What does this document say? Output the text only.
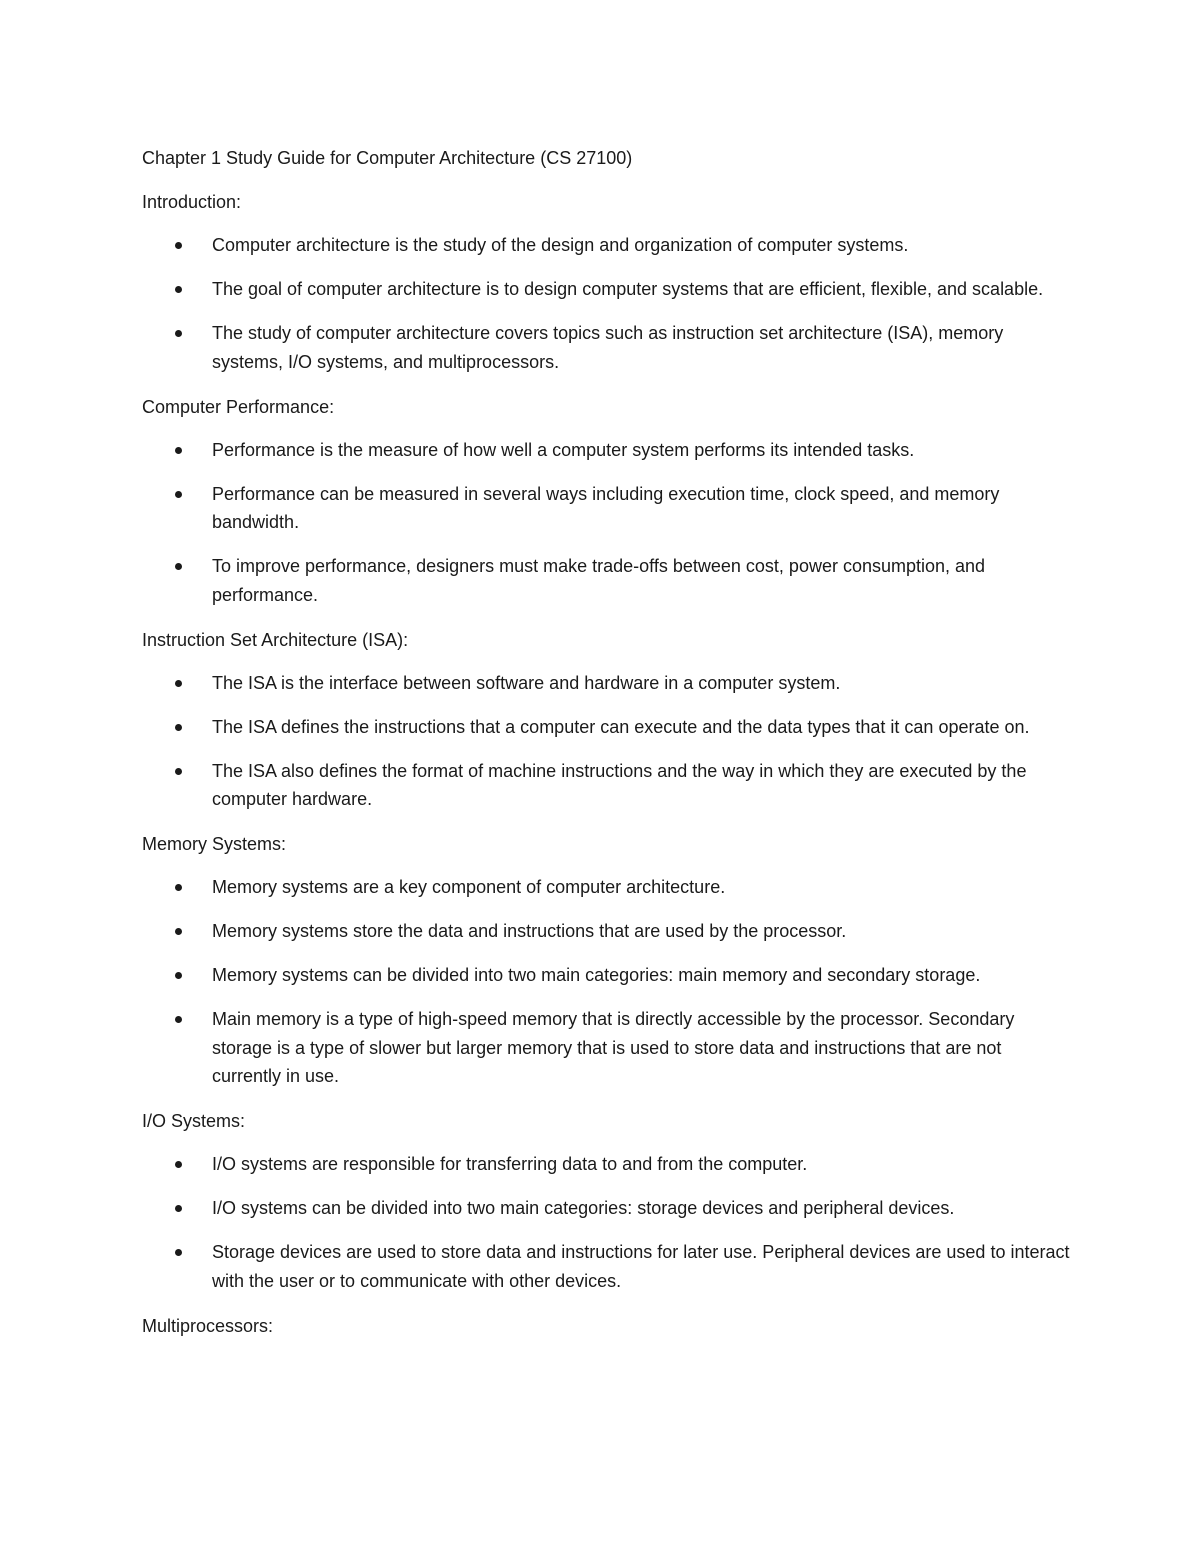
Chapter 1 Study Guide for Computer Architecture (CS 27100)

Introduction:

Computer architecture is the study of the design and organization of computer systems.
The goal of computer architecture is to design computer systems that are efficient, flexible, and scalable.
The study of computer architecture covers topics such as instruction set architecture (ISA), memory systems, I/O systems, and multiprocessors.

Computer Performance:

Performance is the measure of how well a computer system performs its intended tasks.
Performance can be measured in several ways including execution time, clock speed, and memory bandwidth.
To improve performance, designers must make trade-offs between cost, power consumption, and performance.

Instruction Set Architecture (ISA):

The ISA is the interface between software and hardware in a computer system.
The ISA defines the instructions that a computer can execute and the data types that it can operate on.
The ISA also defines the format of machine instructions and the way in which they are executed by the computer hardware.

Memory Systems:

Memory systems are a key component of computer architecture.
Memory systems store the data and instructions that are used by the processor.
Memory systems can be divided into two main categories: main memory and secondary storage.
Main memory is a type of high-speed memory that is directly accessible by the processor. Secondary storage is a type of slower but larger memory that is used to store data and instructions that are not currently in use.

I/O Systems:

I/O systems are responsible for transferring data to and from the computer.
I/O systems can be divided into two main categories: storage devices and peripheral devices.
Storage devices are used to store data and instructions for later use. Peripheral devices are used to interact with the user or to communicate with other devices.

Multiprocessors:
